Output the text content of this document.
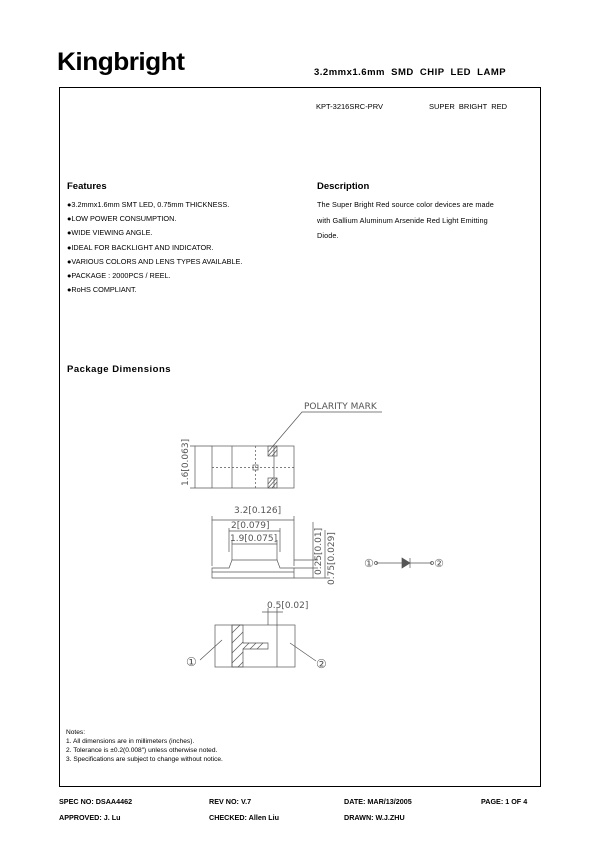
Kingbright	3.2mmx1.6mm SMD CHIP LED LAMP
KPT-3216SRC-PRV	SUPER BRIGHT RED
Features
●3.2mmx1.6mm SMT LED, 0.75mm THICKNESS.
●LOW POWER CONSUMPTION.
●WIDE VIEWING ANGLE.
●IDEAL FOR BACKLIGHT AND INDICATOR.
●VARIOUS COLORS AND LENS TYPES AVAILABLE.
●PACKAGE : 2000PCS / REEL.
●RoHS COMPLIANT.
Description
The Super Bright Red source color devices are made
with Gallium Aluminum Arsenide Red Light Emitting
Diode.
Package Dimensions
POLARITY MARK
1.6[0.063]
3.2[0.126]
2[0.079]
1.9[0.075]	0.25[0.01] 0.75[0.029]
0.5[0.02]
①	②
①	②
Notes:
1. All dimensions are in millimeters (inches).
2. Tolerance is ±0.2(0.008") unless otherwise noted.
3. Specifications are subject to change without notice.
SPEC NO: DSAA4462	REV NO: V.7	DATE: MAR/13/2005	PAGE: 1 OF 4
APPROVED: J. Lu	CHECKED: Allen Liu	DRAWN: W.J.ZHU
